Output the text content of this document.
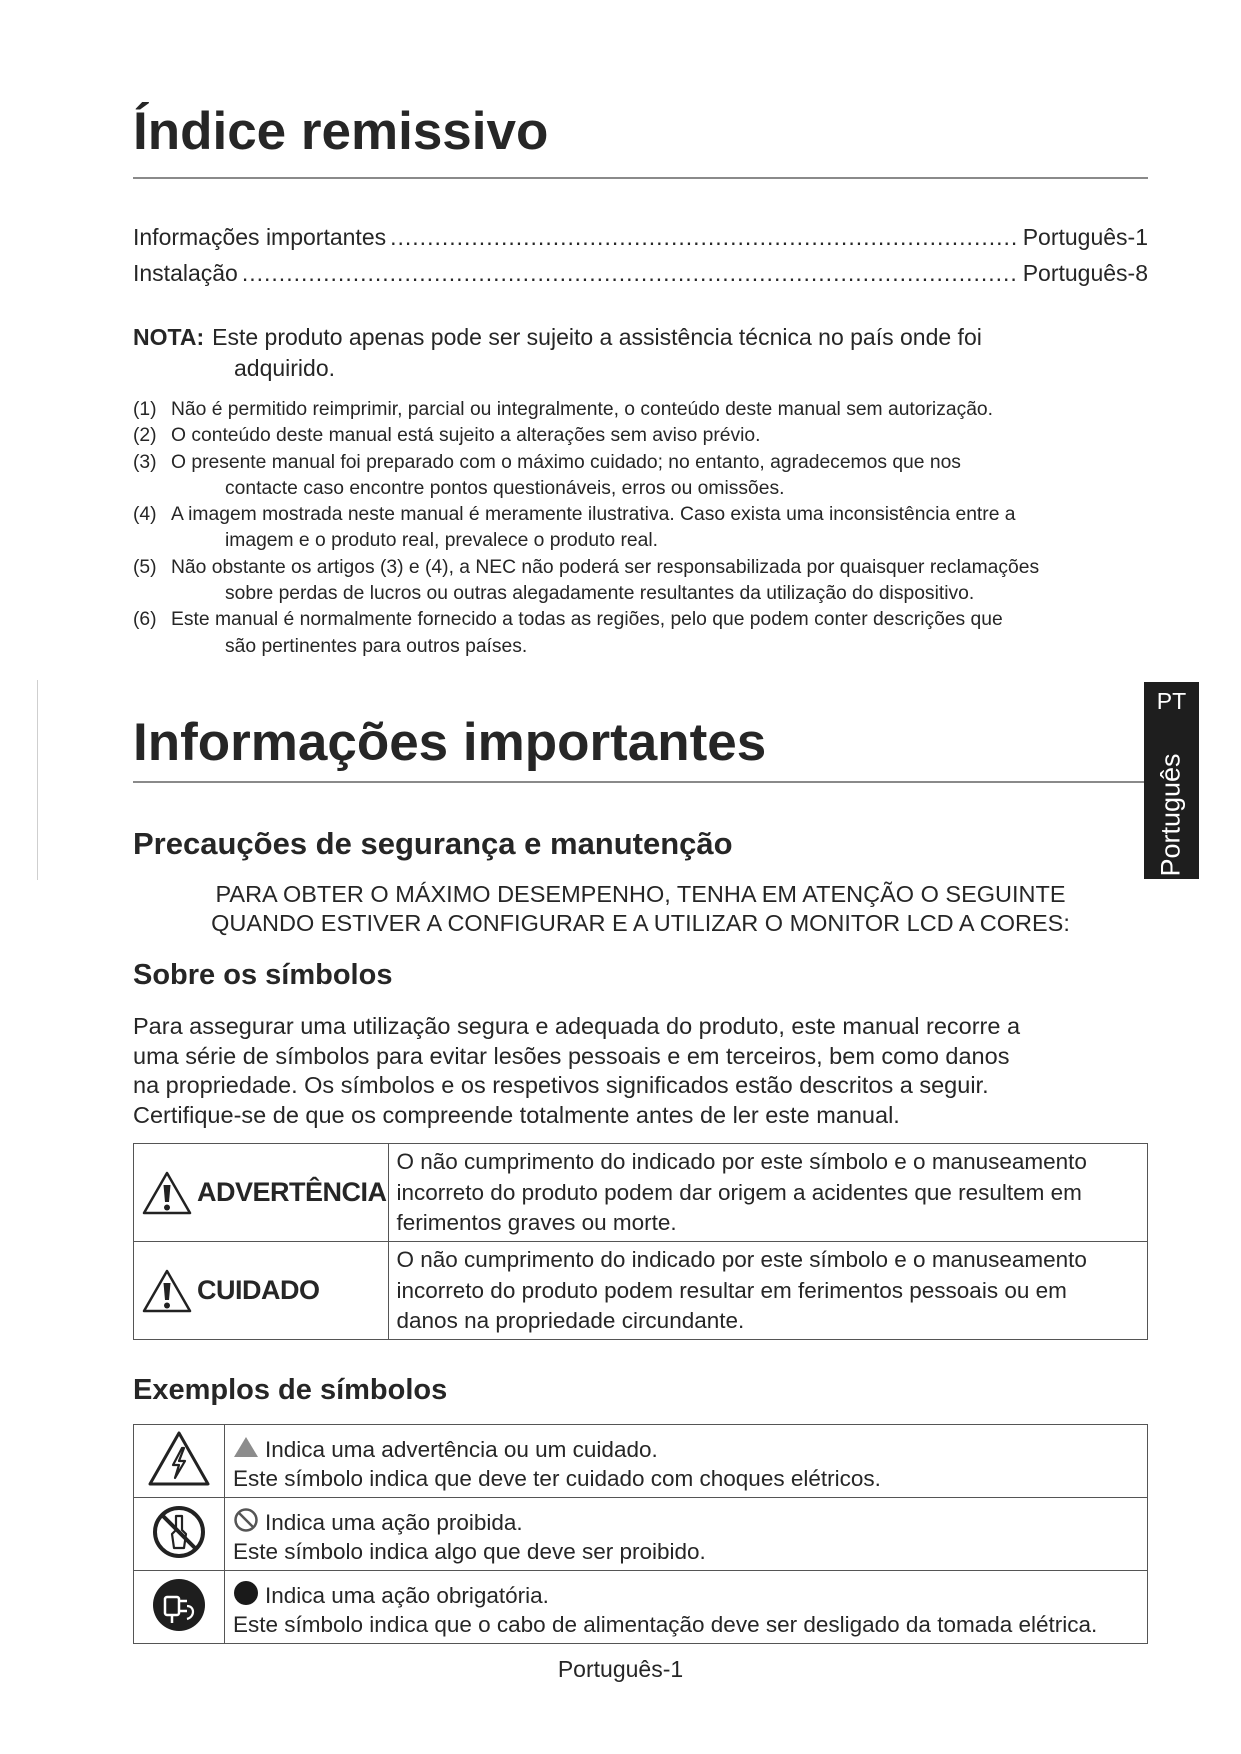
Índice remissivo
Informações importantes .....	Português-1
Instalação .....	Português-8
NOTA: Este produto apenas pode ser sujeito a assistência técnica no país onde foi
adquirido.
(1) Não é permitido reimprimir, parcial ou integralmente, o conteúdo deste manual sem autorização.
(2) O conteúdo deste manual está sujeito a alterações sem aviso prévio.
(3) O presente manual foi preparado com o máximo cuidado; no entanto, agradecemos que nos
contacte caso encontre pontos questionáveis, erros ou omissões.
(4) A imagem mostrada neste manual é meramente ilustrativa. Caso exista uma inconsistência entre a
imagem e o produto real, prevalece o produto real.
(5) Não obstante os artigos (3) e (4), a NEC não poderá ser responsabilizada por quaisquer reclamações
sobre perdas de lucros ou outras alegadamente resultantes da utilização do dispositivo.
(6) Este manual é normalmente fornecido a todas as regiões, pelo que podem conter descrições que
são pertinentes para outros países.
Informações importantes
PT
Português
Precauções de segurança e manutenção
PARA OBTER O MÁXIMO DESEMPENHO, TENHA EM ATENÇÃO O SEGUINTE
QUANDO ESTIVER A CONFIGURAR E A UTILIZAR O MONITOR LCD A CORES:
Sobre os símbolos
Para assegurar uma utilização segura e adequada do produto, este manual recorre a
uma série de símbolos para evitar lesões pessoais e em terceiros, bem como danos
na propriedade. Os símbolos e os respetivos significados estão descritos a seguir.
Certifique-se de que os compreende totalmente antes de ler este manual.
ADVERTÊNCIA	O não cumprimento do indicado por este símbolo e o manuseamento
incorreto do produto podem dar origem a acidentes que resultem em
ferimentos graves ou morte.

CUIDADO	O não cumprimento do indicado por este símbolo e o manuseamento
incorreto do produto podem resultar em ferimentos pessoais ou em
danos na propriedade circundante.
Exemplos de símbolos

Indica uma advertência ou um cuidado.
Este símbolo indica que deve ter cuidado com choques elétricos.

Indica uma ação proibida.
Este símbolo indica algo que deve ser proibido.

Indica uma ação obrigatória.
Este símbolo indica que o cabo de alimentação deve ser desligado da tomada elétrica.
Português-1
